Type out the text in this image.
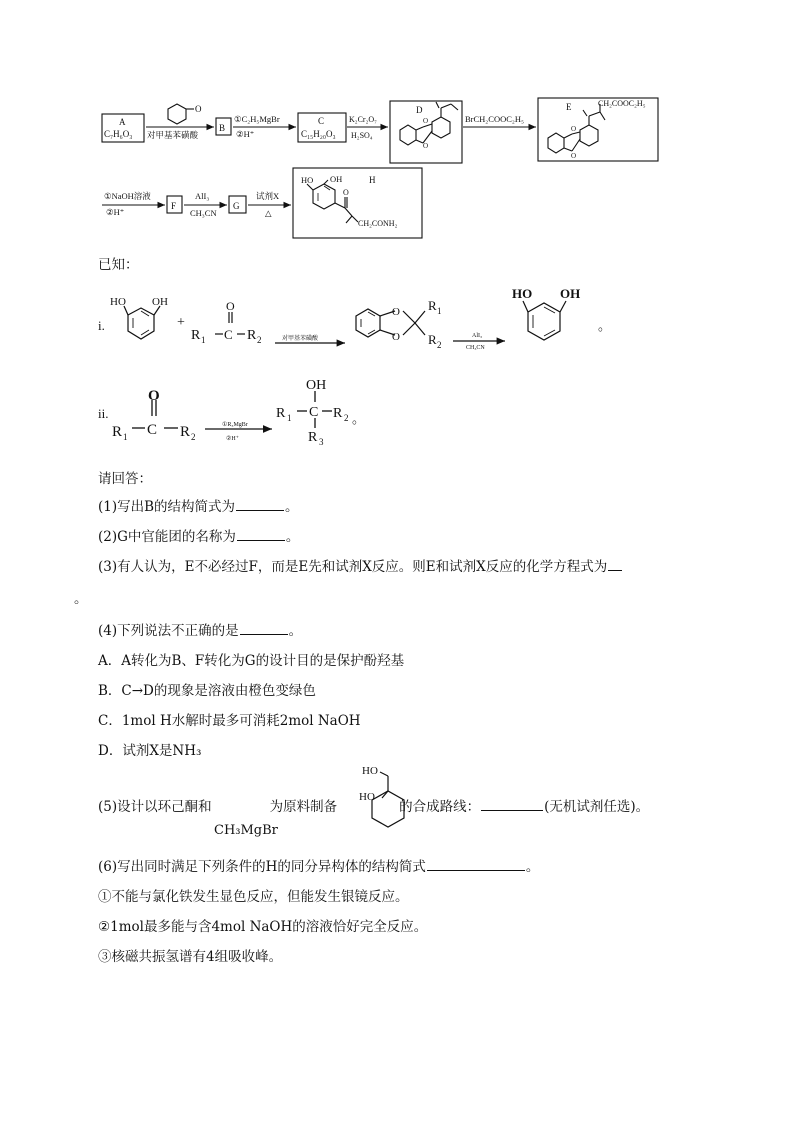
A
C₇H₆O₃
O
对甲基苯磺酸
B
①C₂H₅MgBr
②H⁺
C
C₁₅H₂₀O₃
K₂Cr₂O₇
H₂SO₄
D
O
O
BrCH₂COOC₂H₅
E	CH₂COOC₂H₅
O
O
①NaOH溶液
②H⁺
F
AlI₃
CH₃CN
G
试剂X
△
HO OH	H
O
CH₂CONH₂
已知：
i.
HO OH
+
O
C
R 1	R 2	对甲基苯磺酸
O
O
R 1
R 2
AlI₃
CH₃CN
HO OH
。
ii.
O
C
R 1	R 2
①R₃MgBr
②H⁺
OH
C
R 1	R 2
R 3
。
请回答：
(1)写出B的结构简式为	。
(2)G中官能团的名称为	。
(3)有人认为，E不必经过F，而是E先和试剂X反应。则E和试剂X反应的化学方程式为
。
(4)下列说法不正确的是	。
A．A转化为B、F转化为G的设计目的是保护酚羟基
B．C→D的现象是溶液由橙色变绿色
C．1mol H水解时最多可消耗2mol NaOH
D．试剂X是NH₃
(5)设计以环己酮和	为原料制备	的合成路线：	(无机试剂任选)。
CH₃MgBr
HO
HO
(6)写出同时满足下列条件的H的同分异构体的结构简式	。
①不能与氯化铁发生显色反应，但能发生银镜反应。
②1mol最多能与含4mol NaOH的溶液恰好完全反应。
③核磁共振氢谱有4组吸收峰。
